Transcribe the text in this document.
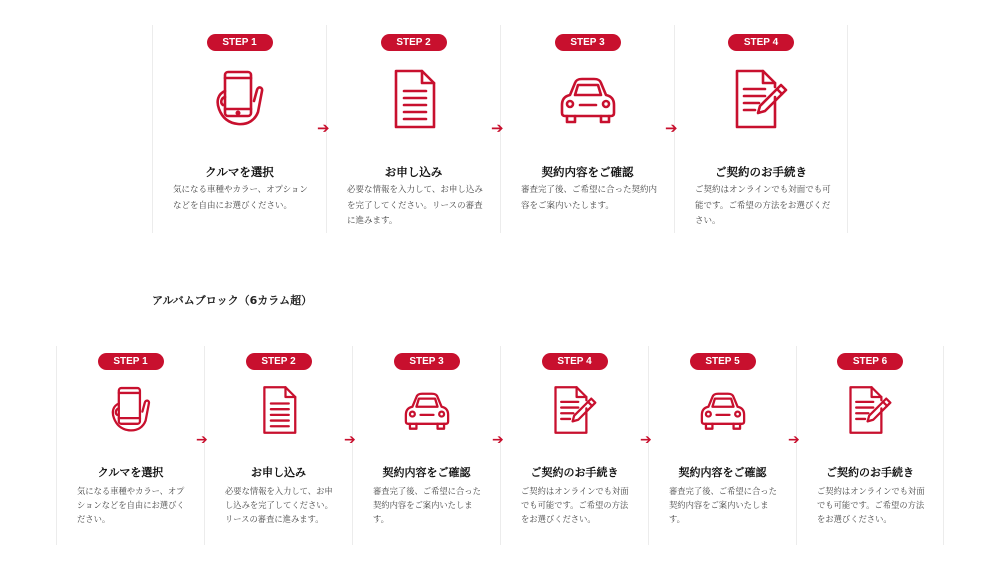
STEP 1
クルマを選択
気になる車種やカラー、オプションなどを自由にお選びください。
➔
STEP 2
お申し込み
必要な情報を入力して、お申し込みを完了してください。リースの審査に進みます。
➔
STEP 3
契約内容をご確認
審査完了後、ご希望に合った契約内容をご案内いたします。
➔
STEP 4
ご契約のお手続き
ご契約はオンラインでも対面でも可能です。ご希望の方法をお選びください。
アルバムブロック（6カラム超）
STEP 1
クルマを選択
気になる車種やカラー、オプションなどを自由にお選びください。
➔
STEP 2
お申し込み
必要な情報を入力して、お申し込みを完了してください。リースの審査に進みます。
➔
STEP 3
契約内容をご確認
審査完了後、ご希望に合った契約内容をご案内いたします。
➔
STEP 4
ご契約のお手続き
ご契約はオンラインでも対面でも可能です。ご希望の方法をお選びください。
➔
STEP 5
契約内容をご確認
審査完了後、ご希望に合った契約内容をご案内いたします。
➔
STEP 6
ご契約のお手続き
ご契約はオンラインでも対面でも可能です。ご希望の方法をお選びください。
